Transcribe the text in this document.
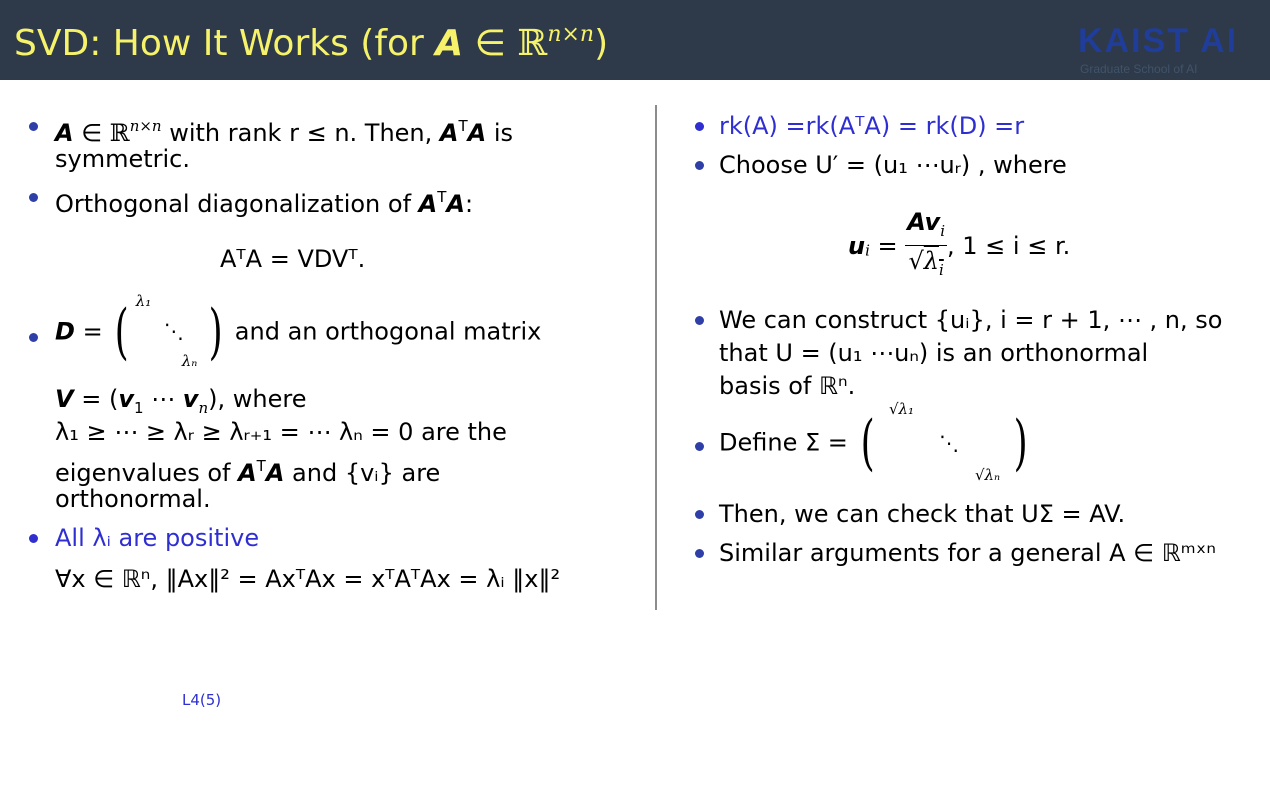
SVD: How It Works (for A ∈ ℝ$^{n\times n}$)	KAIST AI
Graduate School of AI
A ∈ ℝ$^{n\times n}$ with rank r ≤ n. Then, $A^TA$ is
symmetric.
Orthogonal diagonalization of $A^TA$:
AᵀA = VDVᵀ.
D = ( λ₁
⋱
λₙ ) and an orthogonal matrix
$V = (v_1$ ⋯ $v_n$), where
λ₁ ≥ ⋯ ≥ λᵣ ≥ λᵣ₊₁ = ⋯ λₙ = 0 are the
eigenvalues of $A^TA$ and {vᵢ} are
orthonormal.
All λᵢ are positive
∀x ∈ ℝⁿ, ‖Ax‖² = AxᵀAx = xᵀAᵀAx = λᵢ ‖x‖²
rk(A) =rk(AᵀA) = rk(D) =r
Choose U′ = (u₁ ⋯uᵣ) , where
ui = $\frac{Av_i}{√\lambda_i}$ , 1 ≤ i ≤ r.
We can construct {uᵢ}, i = r + 1, ⋯ , n, so
that U = (u₁ ⋯uₙ) is an orthonormal
basis of ℝⁿ.
Define Σ = ( √λ₁
⋱
√λₙ )
Then, we can check that UΣ = AV.
Similar arguments for a general A ∈ ℝᵐˣⁿ
L4(5)
